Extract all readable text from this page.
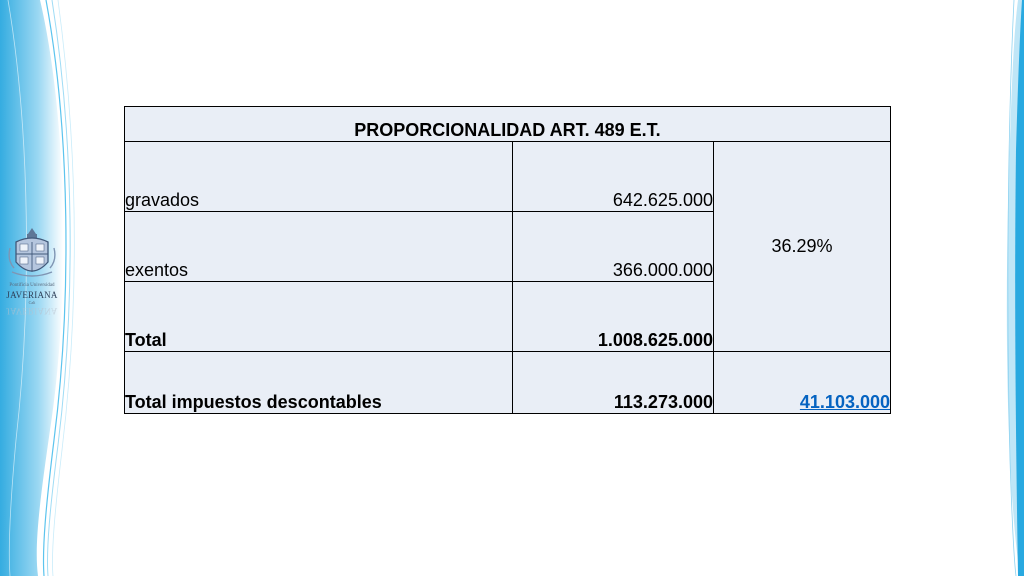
Pontificia Universidad
JAVERIANA
Cali
JAVERIANA
PROPORCIONALIDAD ART. 489 E.T.		
gravados	642.625.000	36.29%
exentos	366.000.000	
Total	1.008.625.000	
Total impuestos descontables	113.273.000	41.103.000
